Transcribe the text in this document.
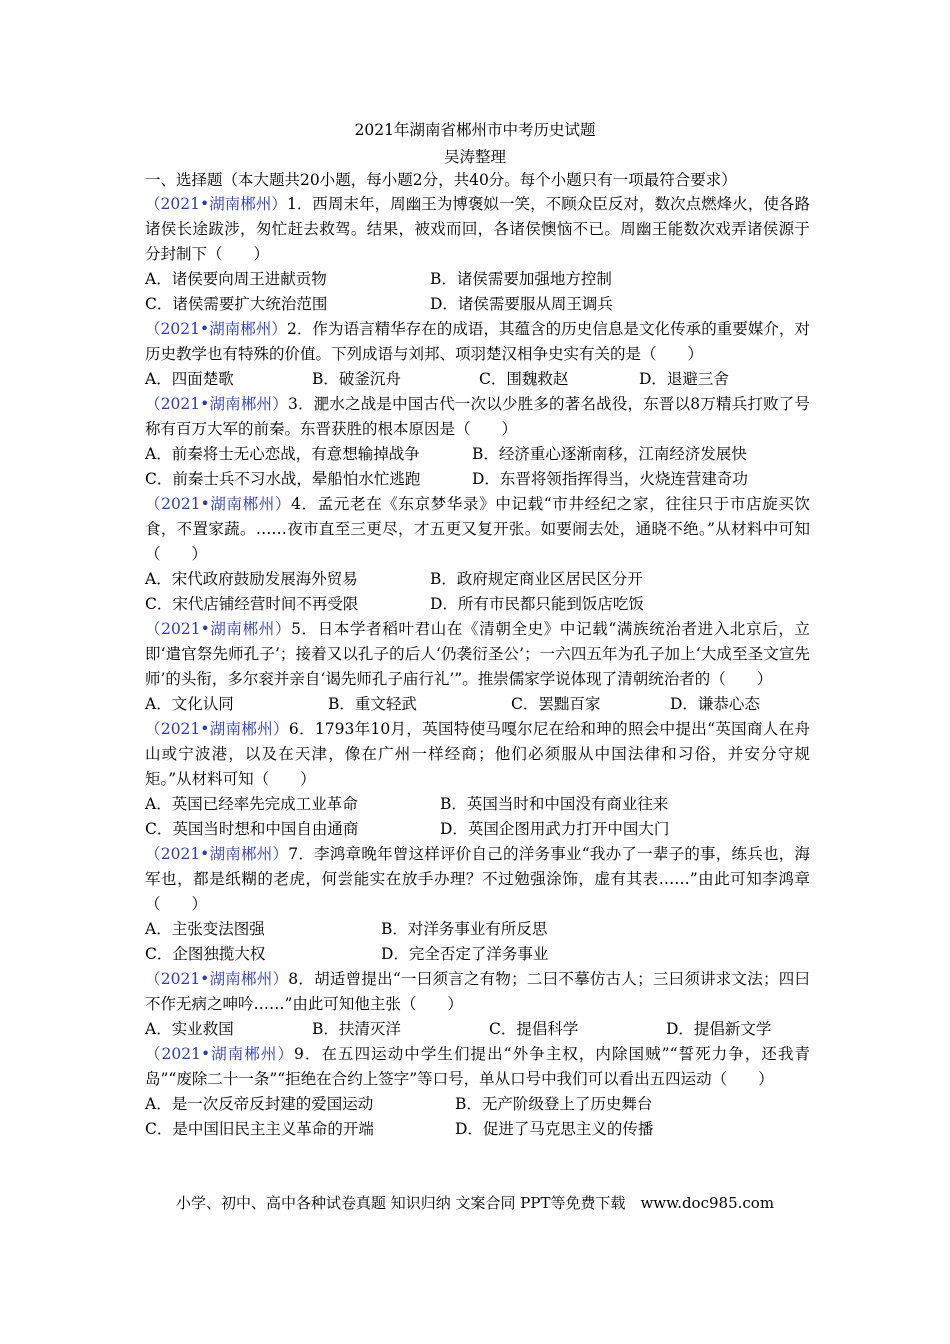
2021年湖南省郴州市中考历史试题
吴涛整理
一、选择题（本大题共20小题，每小题2分，共40分。每个小题只有一项最符合要求）
（2021•湖南郴州）1．西周末年，周幽王为博褒姒一笑，不顾众臣反对，数次点燃烽火，使各路诸侯长途跋涉，匆忙赶去救驾。结果，被戏而回，各诸侯懊恼不已。周幽王能数次戏弄诸侯源于分封制下（　　）
A．诸侯要向周王进献贡物	B．诸侯需要加强地方控制
C．诸侯需要扩大统治范围	D．诸侯需要服从周王调兵
（2021•湖南郴州）2．作为语言精华存在的成语，其蕴含的历史信息是文化传承的重要媒介，对历史教学也有特殊的价值。下列成语与刘邦、项羽楚汉相争史实有关的是（　　）
A．四面楚歌	B．破釜沉舟	C．围魏救赵	D．退避三舍
（2021•湖南郴州）3．淝水之战是中国古代一次以少胜多的著名战役，东晋以8万精兵打败了号称有百万大军的前秦。东晋获胜的根本原因是（　　）
A．前秦将士无心恋战，有意想输掉战争	B．经济重心逐渐南移，江南经济发展快
C．前秦士兵不习水战，晕船怕水忙逃跑	D．东晋将领指挥得当，火烧连营建奇功
（2021•湖南郴州）4．孟元老在《东京梦华录》中记载“市井经纪之家，往往只于市店旋买饮食，不置家蔬。……夜市直至三更尽，才五更又复开张。如要闹去处，通晓不绝。”从材料中可知（　　）
A．宋代政府鼓励发展海外贸易	B．政府规定商业区居民区分开
C．宋代店铺经营时间不再受限	D．所有市民都只能到饭店吃饭
（2021•湖南郴州）5．日本学者稻叶君山在《清朝全史》中记载“满族统治者进入北京后，立即‘遣官祭先师孔子’；接着又以孔子的后人‘仍袭衍圣公’；一六四五年为孔子加上‘大成至圣文宣先师’的头衔，多尔衮并亲自‘谒先师孔子庙行礼’”。推崇儒家学说体现了清朝统治者的（　　）
A．文化认同	B．重文轻武	C．罢黜百家	D．谦恭心态
（2021•湖南郴州）6．1793年10月，英国特使马嘎尔尼在给和珅的照会中提出“英国商人在舟山或宁波港，以及在天津，像在广州一样经商；他们必须服从中国法律和习俗，并安分守规矩。”从材料可知（　　）
A．英国已经率先完成工业革命	B．英国当时和中国没有商业往来
C．英国当时想和中国自由通商	D．英国企图用武力打开中国大门
（2021•湖南郴州）7．李鸿章晚年曾这样评价自己的洋务事业“我办了一辈子的事，练兵也，海军也，都是纸糊的老虎，何尝能实在放手办理？不过勉强涂饰，虚有其表……”由此可知李鸿章（　　）
A．主张变法图强	B．对洋务事业有所反思
C．企图独揽大权	D．完全否定了洋务事业
（2021•湖南郴州）8．胡适曾提出“一曰须言之有物；二曰不摹仿古人；三曰须讲求文法；四曰不作无病之呻吟……”由此可知他主张（　　）
A．实业救国	B．扶清灭洋	C．提倡科学	D．提倡新文学
（2021•湖南郴州）9．在五四运动中学生们提出“外争主权，内除国贼”“誓死力争，还我青岛”“废除二十一条”“拒绝在合约上签字”等口号，单从口号中我们可以看出五四运动（　　）
A．是一次反帝反封建的爱国运动	B．无产阶级登上了历史舞台
C．是中国旧民主主义革命的开端	D．促进了马克思主义的传播
小学、初中、高中各种试卷真题 知识归纳 文案合同 PPT等免费下载　www.doc985.com
